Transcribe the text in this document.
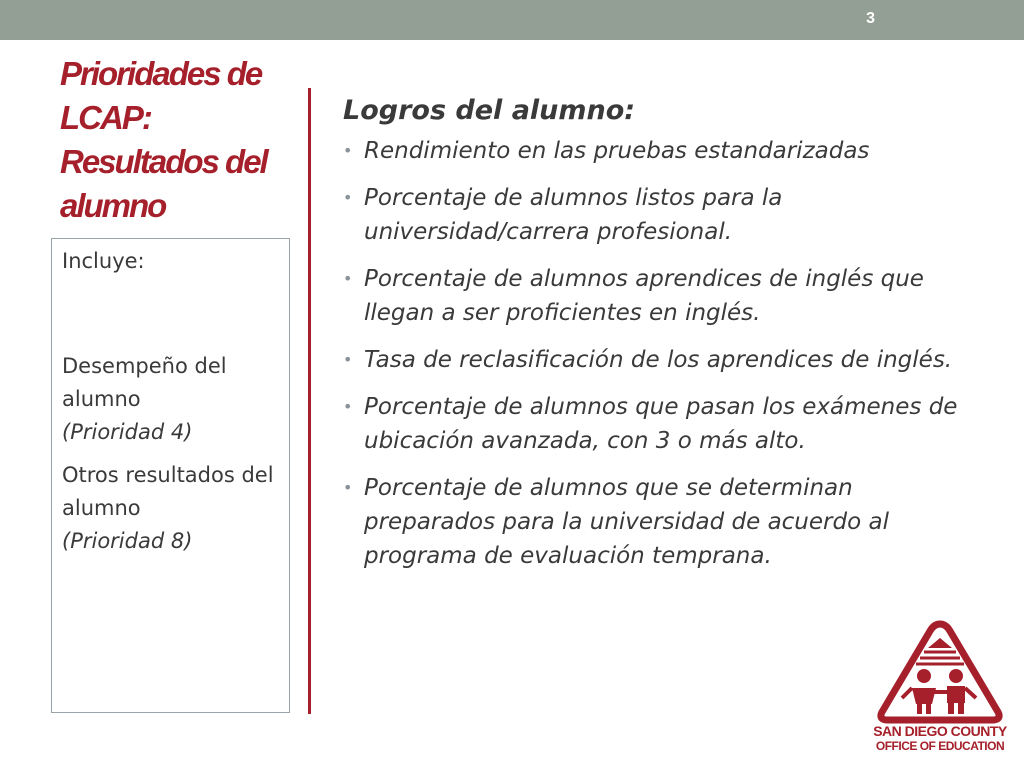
3
Prioridades de
LCAP:
Resultados del
alumno

Incluye:

Desempeño del alumno

(Prioridad 4)

Otros resultados del alumno

(Prioridad 8)

Logros del alumno:
• Rendimiento en las pruebas estandarizadas
• Porcentaje de alumnos listos para la universidad/carrera profesional.
• Porcentaje de alumnos aprendices de inglés que llegan a ser proficientes en inglés.
• Tasa de reclasificación de los aprendices de inglés.
• Porcentaje de alumnos que pasan los exámenes de ubicación avanzada, con 3 o más alto.
• Porcentaje de alumnos que se determinan preparados para la universidad de acuerdo al programa de evaluación temprana.
SAN DIEGO COUNTY
OFFICE OF EDUCATION
